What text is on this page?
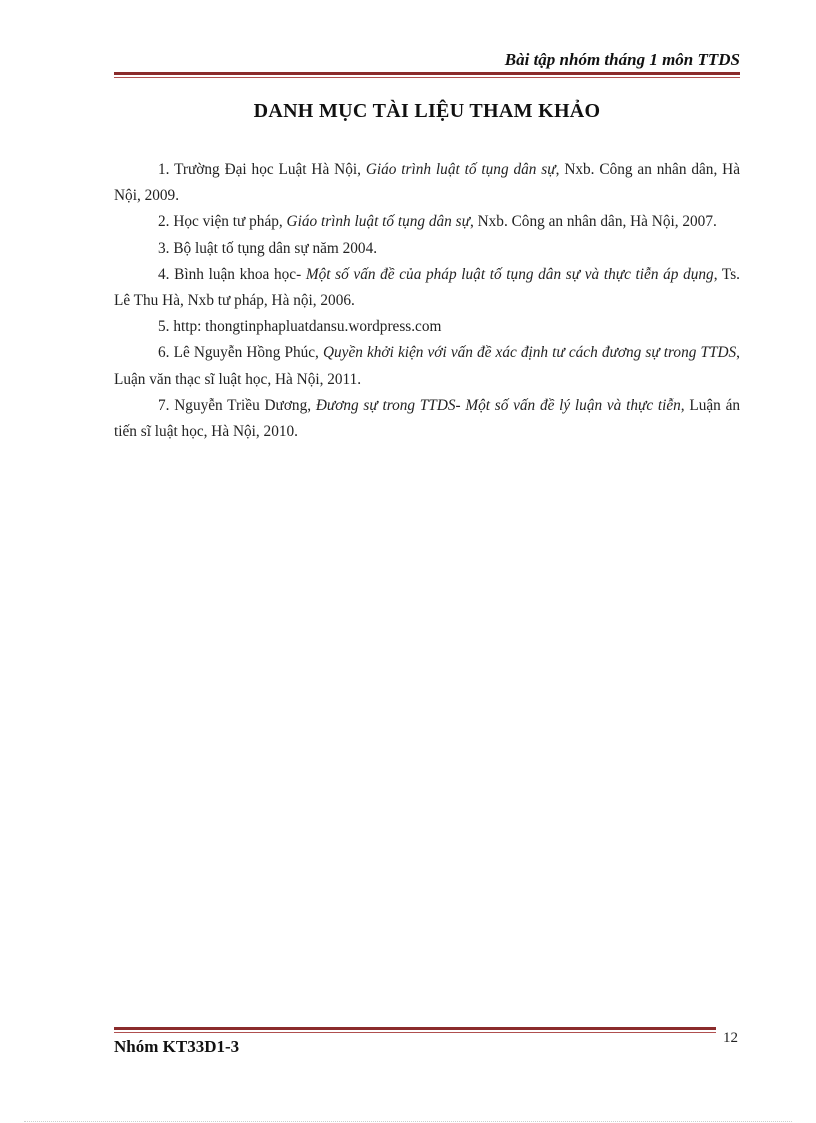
Bài tập nhóm tháng 1 môn TTDS
DANH MỤC TÀI LIỆU THAM KHẢO

1. Trường Đại học Luật Hà Nội, Giáo trình luật tố tụng dân sự, Nxb. Công an nhân dân, Hà Nội, 2009.

2. Học viện tư pháp, Giáo trình luật tố tụng dân sự, Nxb. Công an nhân dân, Hà Nội, 2007.

3. Bộ luật tố tụng dân sự năm 2004.

4. Bình luận khoa học- Một số vấn đề của pháp luật tố tụng dân sự và thực tiễn áp dụng, Ts. Lê Thu Hà, Nxb tư pháp, Hà nội, 2006.

5. http: thongtinphapluatdansu.wordpress.com

6. Lê Nguyễn Hồng Phúc, Quyền khởi kiện với vấn đề xác định tư cách đương sự trong TTDS, Luận văn thạc sĩ luật học, Hà Nội, 2011.

7. Nguyễn Triều Dương, Đương sự trong TTDS- Một số vấn đề lý luận và thực tiễn, Luận án tiến sĩ luật học, Hà Nội, 2010.

12
Nhóm KT33D1-3
